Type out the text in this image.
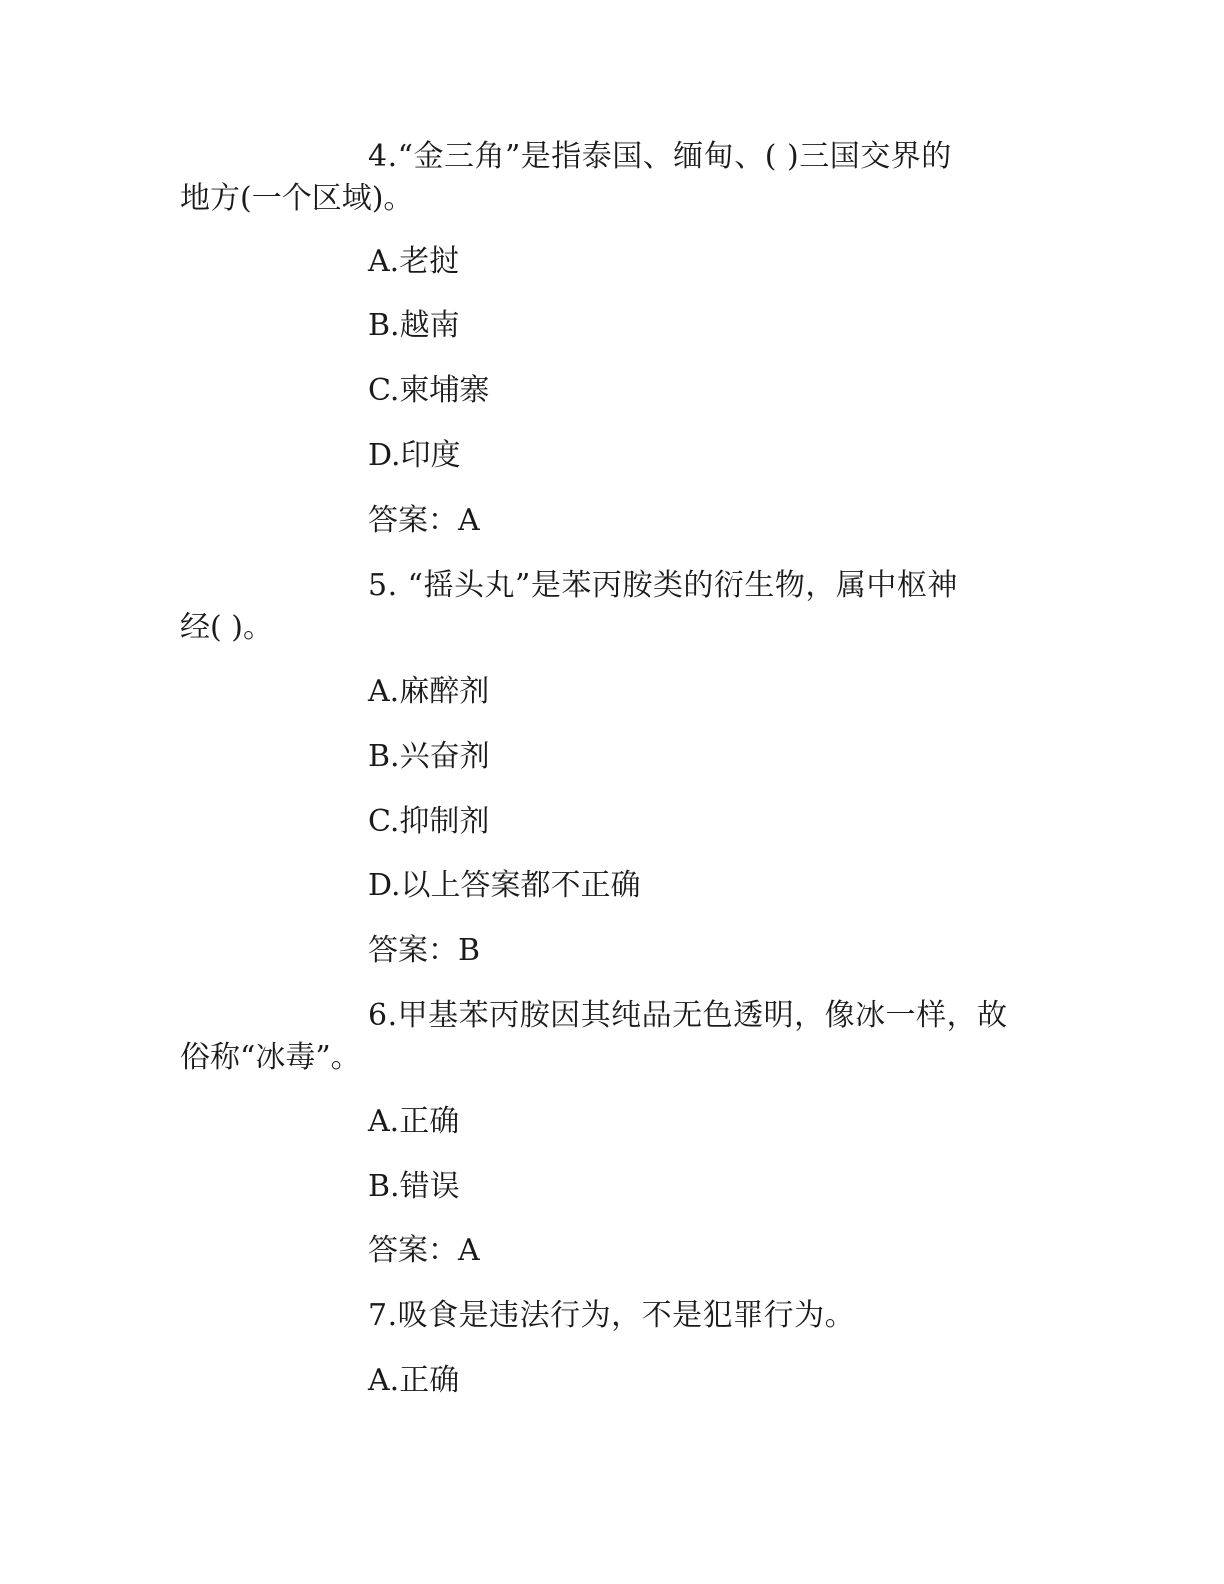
4.“金三角”是指泰国、缅甸、( )三国交界的
地方(一个区域)。
A.老挝
B.越南
C.柬埔寨
D.印度
答案：A
5. “摇头丸”是苯丙胺类的衍生物，属中枢神
经( )。
A.麻醉剂
B.兴奋剂
C.抑制剂
D.以上答案都不正确
答案：B
6.甲基苯丙胺因其纯品无色透明，像冰一样，故
俗称“冰毒”。
A.正确
B.错误
答案：A
7.吸食是违法行为，不是犯罪行为。
A.正确
